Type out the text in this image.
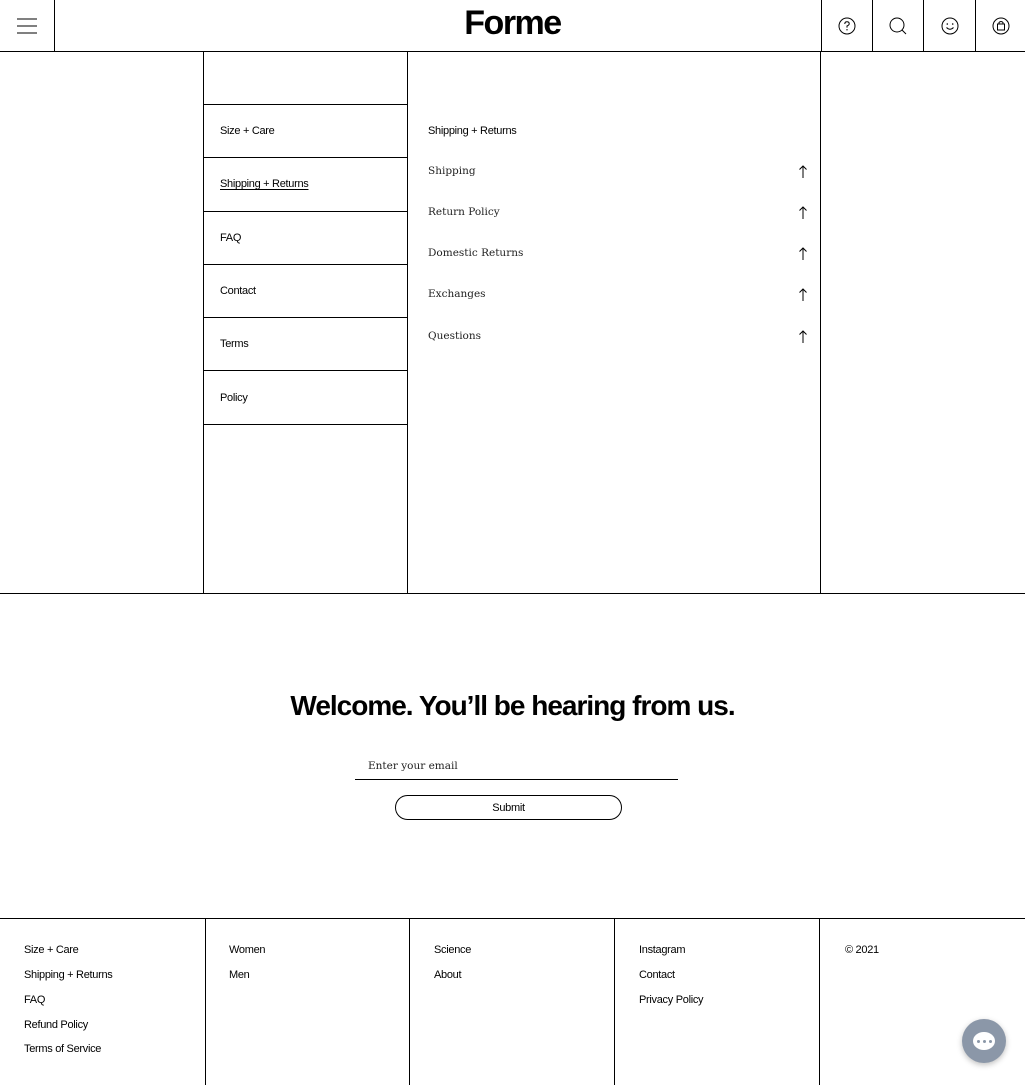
Forme
Size + Care
Shipping + Returns
FAQ
Contact
Terms
Policy
Shipping + Returns
Shipping
Return Policy
Domestic Returns
Exchanges
Questions
Welcome. You’ll be hearing from us.
Enter your email
Submit
Size + Care
Shipping + Returns
FAQ
Refund Policy
Terms of Service
Women
Men
Science
About
Instagram
Contact
Privacy Policy
© 2021
